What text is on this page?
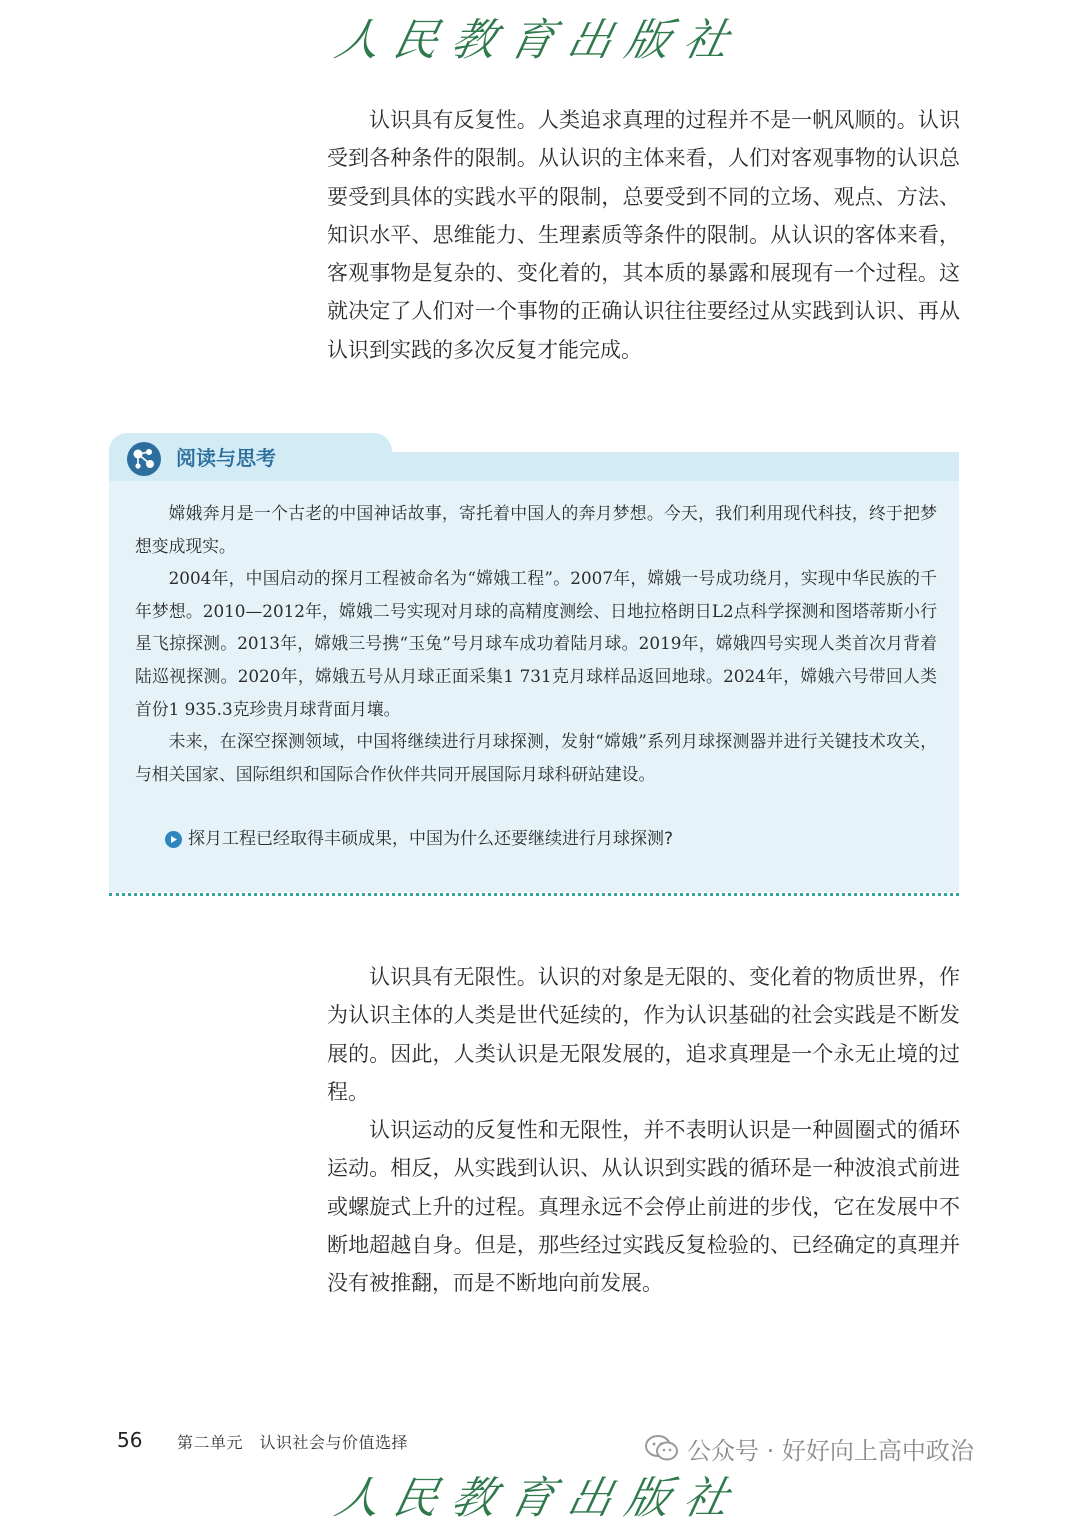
人民教育出版社

认识具有反复性。人类追求真理的过程并不是一帆风顺的。认识受到各种条件的限制。从认识的主体来看，人们对客观事物的认识总要受到具体的实践水平的限制，总要受到不同的立场、观点、方法、知识水平、思维能力、生理素质等条件的限制。从认识的客体来看，客观事物是复杂的、变化着的，其本质的暴露和展现有一个过程。这就决定了人们对一个事物的正确认识往往要经过从实践到认识、再从认识到实践的多次反复才能完成。

阅读与思考

嫦娥奔月是一个古老的中国神话故事，寄托着中国人的奔月梦想。今天，我们利用现代科技，终于把梦想变成现实。

2004年，中国启动的探月工程被命名为“嫦娥工程”。2007年，嫦娥一号成功绕月，实现中华民族的千年梦想。2010—2012年，嫦娥二号实现对月球的高精度测绘、日地拉格朗日L2点科学探测和图塔蒂斯小行星飞掠探测。2013年，嫦娥三号携“玉兔”号月球车成功着陆月球。2019年，嫦娥四号实现人类首次月背着陆巡视探测。2020年，嫦娥五号从月球正面采集1 731克月球样品返回地球。2024年，嫦娥六号带回人类首份1 935.3克珍贵月球背面月壤。

未来，在深空探测领域，中国将继续进行月球探测，发射“嫦娥”系列月球探测器并进行关键技术攻关，与相关国家、国际组织和国际合作伙伴共同开展国际月球科研站建设。

探月工程已经取得丰硕成果，中国为什么还要继续进行月球探测?

认识具有无限性。认识的对象是无限的、变化着的物质世界，作为认识主体的人类是世代延续的，作为认识基础的社会实践是不断发展的。因此，人类认识是无限发展的，追求真理是一个永无止境的过程。

认识运动的反复性和无限性，并不表明认识是一种圆圈式的循环运动。相反，从实践到认识、从认识到实践的循环是一种波浪式前进或螺旋式上升的过程。真理永远不会停止前进的步伐，它在发展中不断地超越自身。但是，那些经过实践反复检验的、已经确定的真理并没有被推翻，而是不断地向前发展。

56 第二单元　认识社会与价值选择	公众号 · 好好向上高中政治
人民教育出版社
